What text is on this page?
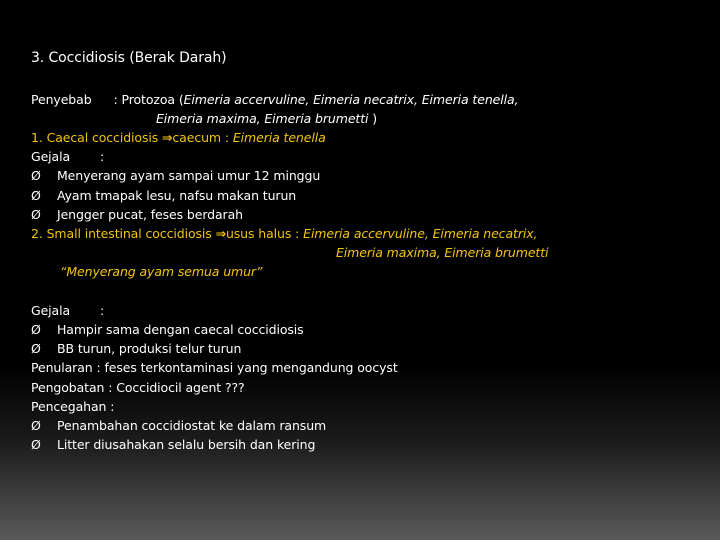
3. Coccidiosis (Berak Darah)
Penyebab : Protozoa (Eimeria accervuline, Eimeria necatrix, Eimeria tenella,
Eimeria maxima, Eimeria brumetti )
1. Caecal coccidiosis ⇒caecum : Eimeria tenella
Gejala :
Ø Menyerang ayam sampai umur 12 minggu
Ø Ayam tmapak lesu, nafsu makan turun
Ø Jengger pucat, feses berdarah
2. Small intestinal coccidiosis ⇒usus halus : Eimeria accervuline, Eimeria necatrix,
Eimeria maxima, Eimeria brumetti
“Menyerang ayam semua umur”
Gejala :
Ø Hampir sama dengan caecal coccidiosis
Ø BB turun, produksi telur turun
Penularan : feses terkontaminasi yang mengandung oocyst
Pengobatan : Coccidiocil agent ???
Pencegahan :
Ø Penambahan coccidiostat ke dalam ransum
Ø Litter diusahakan selalu bersih dan kering
